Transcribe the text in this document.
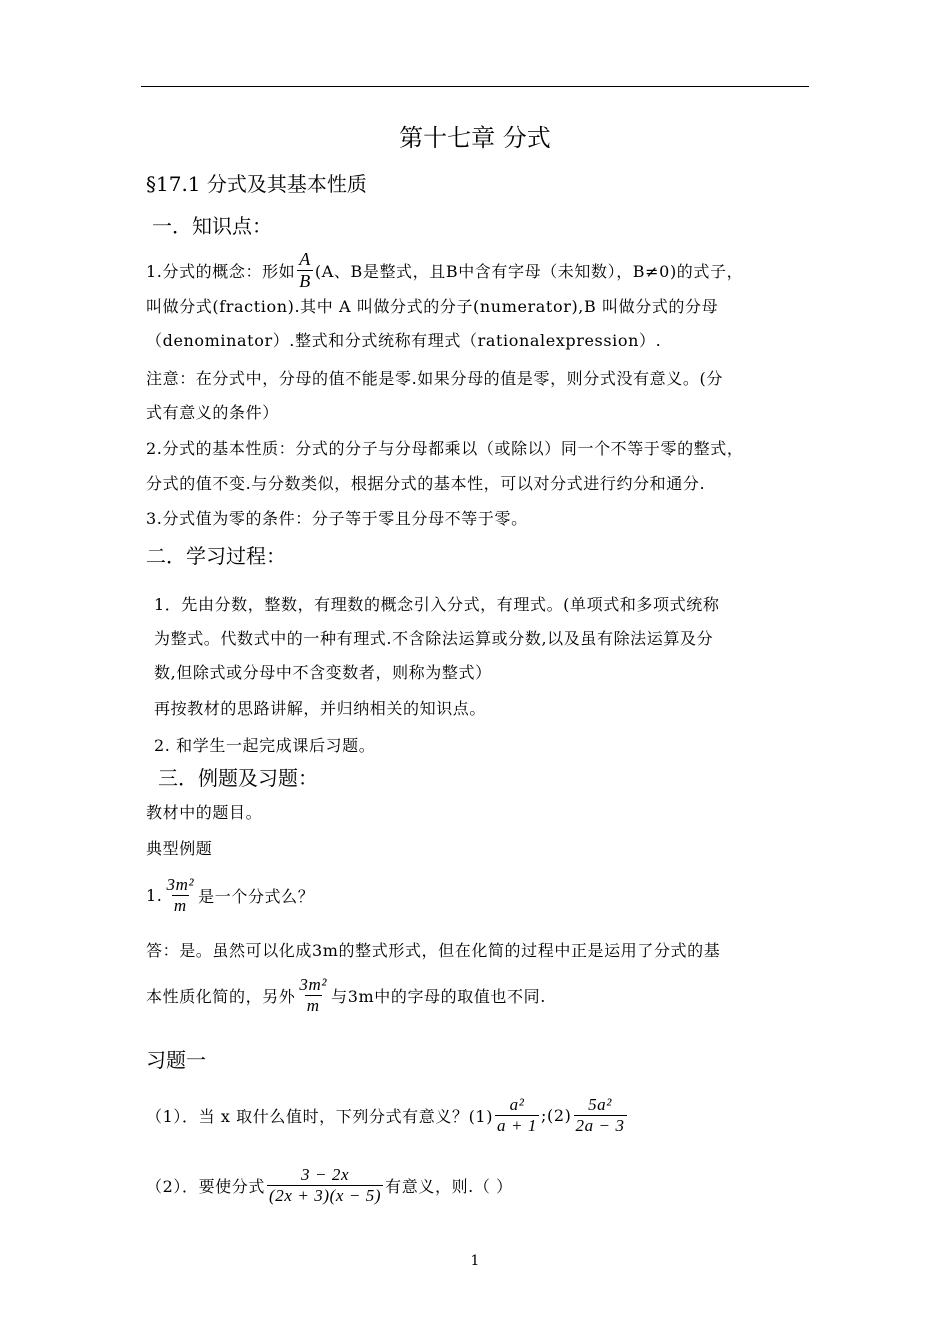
第十七章 分式
§17.1 分式及其基本性质
一．知识点：
1.分式的概念：形如 $\frac{A}{B} (A$、B是整式，且B中含有字母（未知数），B≠0)的式子，
叫做分式(fraction).其中 A 叫做分式的分子(numerator),B 叫做分式的分母
（denominator）.整式和分式统称有理式（rationalexpression）.
注意：在分式中，分母的值不能是零.如果分母的值是零，则分式没有意义。(分
式有意义的条件）
2.分式的基本性质：分式的分子与分母都乘以（或除以）同一个不等于零的整式，
分式的值不变.与分数类似，根据分式的基本性，可以对分式进行约分和通分.
3.分式值为零的条件：分子等于零且分母不等于零。
二．学习过程：
1．先由分数，整数，有理数的概念引入分式，有理式。(单项式和多项式统称
为整式。代数式中的一种有理式.不含除法运算或分数,以及虽有除法运算及分
数,但除式或分母中不含变数者，则称为整式）
再按教材的思路讲解，并归纳相关的知识点。
2. 和学生一起完成课后习题。
三．例题及习题：
教材中的题目。
典型例题
1. $\frac{\text{3m²}}{m}$ 是一个分式么？
答：是。虽然可以化成3m的整式形式，但在化简的过程中正是运用了分式的基
本性质化简的，另外 $\frac{\text{3m²}}{m}$ 与3m中的字母的取值也不同.
习题一
（1）．当 x 取什么值时，下列分式有意义？$(1) \frac{\text{a²}}{a + 1}$ ;(2) $\frac{\text{5a²}}{2a - 3}$
（2）．要使分式 $\frac{3 - 2x}{(2x + 3)(x - 5)}$ 有意义，则.（ ）
1
